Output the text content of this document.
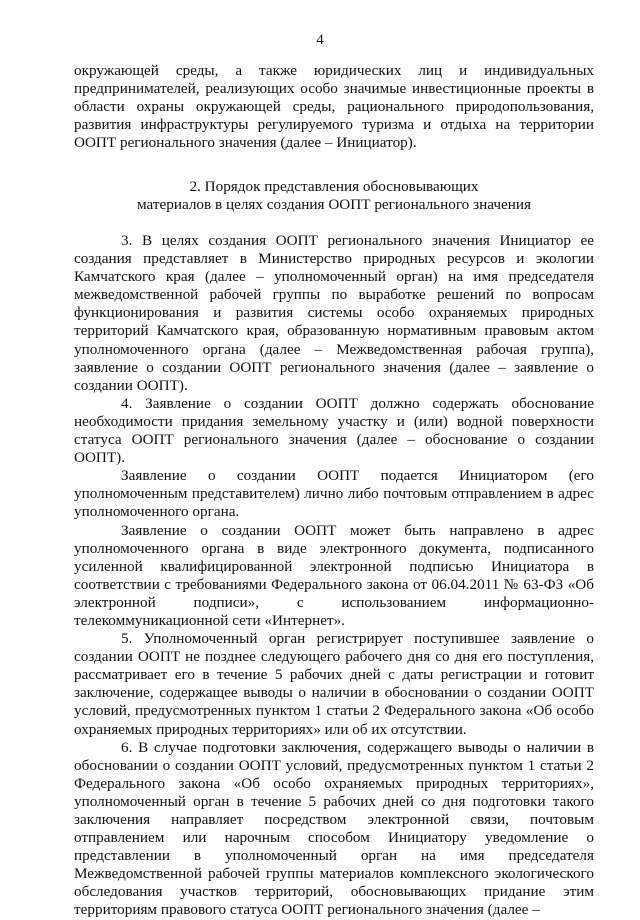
4

окружающей среды, а также юридических лиц и индивидуальных предпринимателей, реализующих особо значимые инвестиционные проекты в области охраны окружающей среды, рационального природопользования, развития инфраструктуры регулируемого туризма и отдыха на территории ООПТ регионального значения (далее – Инициатор).

2. Порядок представления обосновывающих
материалов в целях создания ООПТ регионального значения

3. В целях создания ООПТ регионального значения Инициатор ее создания представляет в Министерство природных ресурсов и экологии Камчатского края (далее – уполномоченный орган) на имя председателя межведомственной рабочей группы по выработке решений по вопросам функционирования и развития системы особо охраняемых природных территорий Камчатского края, образованную нормативным правовым актом уполномоченного органа (далее – Межведомственная рабочая группа), заявление о создании ООПТ регионального значения (далее – заявление о создании ООПТ).

4. Заявление о создании ООПТ должно содержать обоснование необходимости придания земельному участку и (или) водной поверхности статуса ООПТ регионального значения (далее – обоснование о создании ООПТ).

Заявление о создании ООПТ подается Инициатором (его уполномоченным представителем) лично либо почтовым отправлением в адрес уполномоченного органа.

Заявление о создании ООПТ может быть направлено в адрес уполномоченного органа в виде электронного документа, подписанного усиленной квалифицированной электронной подписью Инициатора в соответствии с требованиями Федерального закона от 06.04.2011 № 63-ФЗ «Об электронной подписи», с использованием информационно-телекоммуникационной сети «Интернет».

5. Уполномоченный орган регистрирует поступившее заявление о создании ООПТ не позднее следующего рабочего дня со дня его поступления, рассматривает его в течение 5 рабочих дней с даты регистрации и готовит заключение, содержащее выводы о наличии в обосновании о создании ООПТ условий, предусмотренных пунктом 1 статьи 2 Федерального закона «Об особо охраняемых природных территориях» или об их отсутствии.

6. В случае подготовки заключения, содержащего выводы о наличии в обосновании о создании ООПТ условий, предусмотренных пунктом 1 статьи 2 Федерального закона «Об особо охраняемых природных территориях», уполномоченный орган в течение 5 рабочих дней со дня подготовки такого заключения направляет посредством электронной связи, почтовым отправлением или нарочным способом Инициатору уведомление о представлении в уполномоченный орган на имя председателя Межведомственной рабочей группы материалов комплексного экологического обследования участков территорий, обосновывающих придание этим территориям правового статуса ООПТ регионального значения (далее –
